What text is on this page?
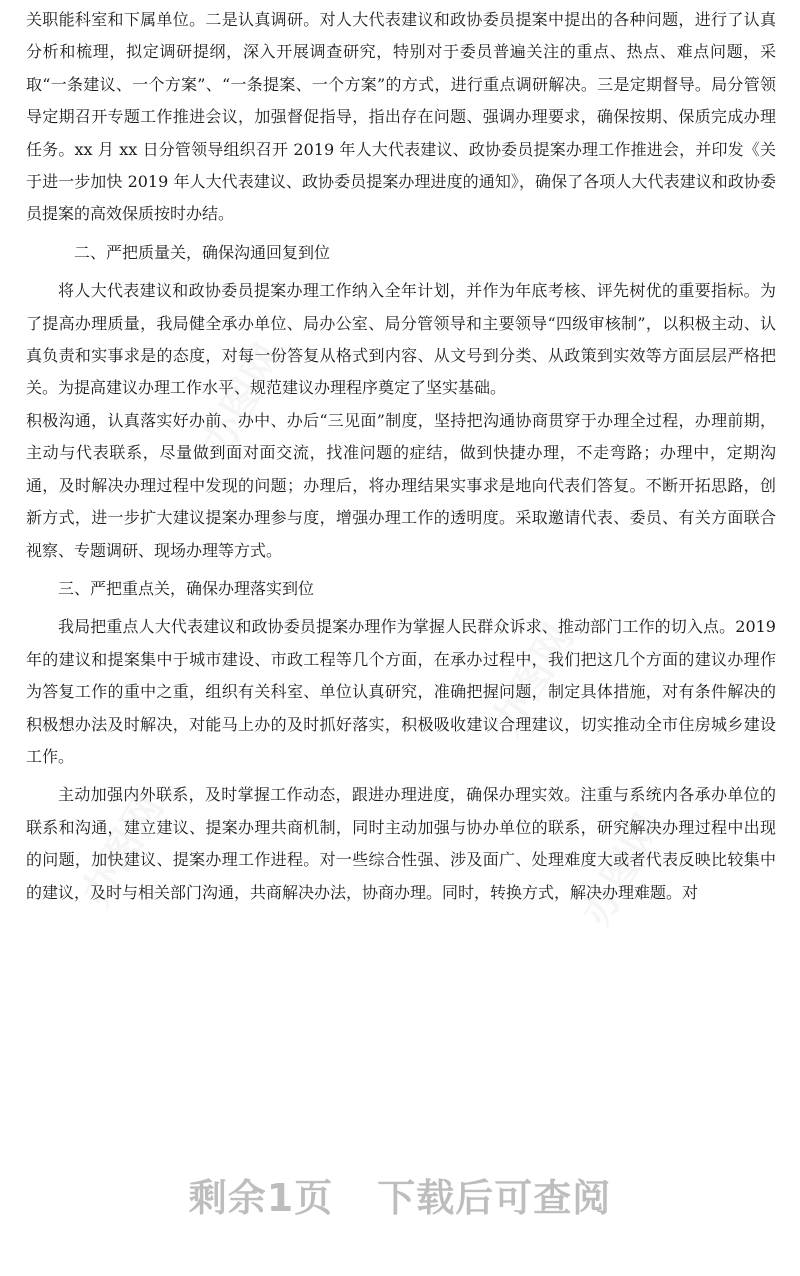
办图网
办图网
办图网	办图网

关职能科室和下属单位。二是认真调研。对人大代表建议和政协委员提案中提出的各种问题，进行了认真分析和梳理，拟定调研提纲，深入开展调查研究，特别对于委员普遍关注的重点、热点、难点问题，采取“一条建议、一个方案”、“一条提案、一个方案”的方式，进行重点调研解决。三是定期督导。局分管领导定期召开专题工作推进会议，加强督促指导，指出存在问题、强调办理要求，确保按期、保质完成办理任务。xx 月 xx 日分管领导组织召开 2019 年人大代表建议、政协委员提案办理工作推进会，并印发《关于进一步加快 2019 年人大代表建议、政协委员提案办理进度的通知》，确保了各项人大代表建议和政协委员提案的高效保质按时办结。

二、严把质量关，确保沟通回复到位

将人大代表建议和政协委员提案办理工作纳入全年计划，并作为年底考核、评先树优的重要指标。为了提高办理质量，我局健全承办单位、局办公室、局分管领导和主要领导“四级审核制”，以积极主动、认真负责和实事求是的态度，对每一份答复从格式到内容、从文号到分类、从政策到实效等方面层层严格把关。为提高建议办理工作水平、规范建议办理程序奠定了坚实基础。

积极沟通，认真落实好办前、办中、办后“三见面”制度，坚持把沟通协商贯穿于办理全过程，办理前期，主动与代表联系，尽量做到面对面交流，找准问题的症结，做到快捷办理，不走弯路；办理中，定期沟通，及时解决办理过程中发现的问题；办理后，将办理结果实事求是地向代表们答复。不断开拓思路，创新方式，进一步扩大建议提案办理参与度，增强办理工作的透明度。采取邀请代表、委员、有关方面联合视察、专题调研、现场办理等方式。

三、严把重点关，确保办理落实到位

我局把重点人大代表建议和政协委员提案办理作为掌握人民群众诉求、推动部门工作的切入点。2019 年的建议和提案集中于城市建设、市政工程等几个方面，在承办过程中，我们把这几个方面的建议办理作为答复工作的重中之重，组织有关科室、单位认真研究，准确把握问题，制定具体措施，对有条件解决的积极想办法及时解决，对能马上办的及时抓好落实，积极吸收建议合理建议，切实推动全市住房城乡建设工作。

主动加强内外联系，及时掌握工作动态，跟进办理进度，确保办理实效。注重与系统内各承办单位的联系和沟通，建立建议、提案办理共商机制，同时主动加强与协办单位的联系，研究解决办理过程中出现的问题，加快建议、提案办理工作进程。对一些综合性强、涉及面广、处理难度大或者代表反映比较集中的建议，及时与相关部门沟通，共商解决办法，协商办理。同时，转换方式，解决办理难题。对

剩余1页 下载后可查阅
